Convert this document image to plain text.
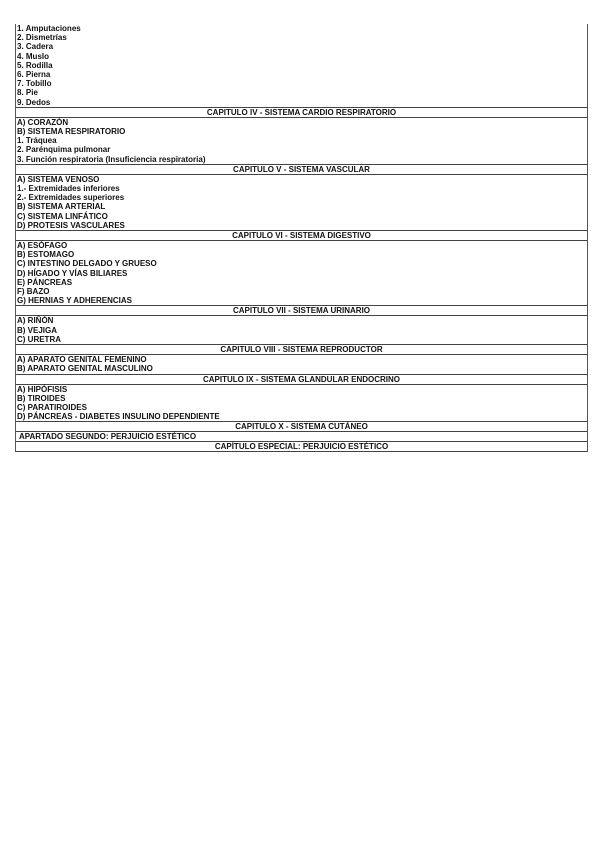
1. Amputaciones
2. Dismetrías
3. Cadera
4. Muslo
5. Rodilla
6. Pierna
7. Tobillo
8. Pie
9. Dedos
CAPITULO IV - SISTEMA CARDIO RESPIRATORIO
A) CORAZÓN
B) SISTEMA RESPIRATORIO
1. Tráquea
2. Parénquima pulmonar
3. Función respiratoria (Insuficiencia respiratoria)
CAPITULO V - SISTEMA VASCULAR
A) SISTEMA VENOSO
1.- Extremidades inferiores
2.- Extremidades superiores
B) SISTEMA ARTERIAL
C) SISTEMA LINFÁTICO
D) PROTESIS VASCULARES
CAPITULO VI - SISTEMA DIGESTIVO
A) ESÓFAGO
B) ESTOMAGO
C) INTESTINO DELGADO Y GRUESO
D) HÍGADO Y VÍAS BILIARES
E) PÁNCREAS
F) BAZO
G) HERNIAS Y ADHERENCIAS
CAPITULO VII - SISTEMA URINARIO
A) RIÑÓN
B) VEJIGA
C) URETRA
CAPITULO VIII - SISTEMA REPRODUCTOR
A) APARATO GENITAL FEMENINO
B) APARATO GENITAL MASCULINO
CAPITULO IX - SISTEMA GLANDULAR ENDOCRINO
A) HIPÓFISIS
B) TIROIDES
C) PARATIROIDES
D) PÁNCREAS - DIABETES INSULINO DEPENDIENTE
CAPITULO X - SISTEMA CUTÁNEO
APARTADO SEGUNDO: PERJUICIO ESTÉTICO
CAPÍTULO ESPECIAL: PERJUICIO ESTÉTICO
